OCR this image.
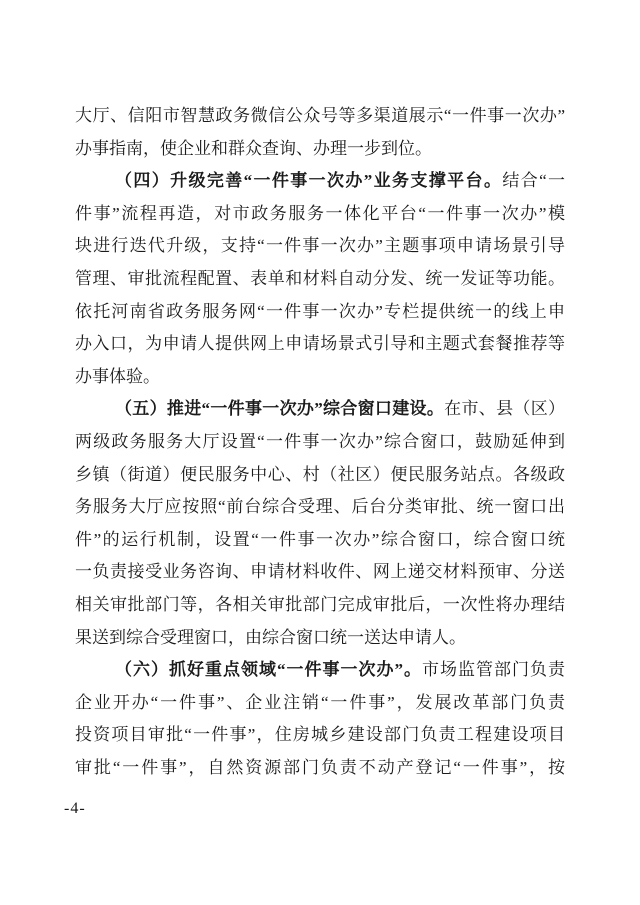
大厅、信阳市智慧政务微信公众号等多渠道展示“一件事一次办”
办事指南，使企业和群众查询、办理一步到位。
（四）升级完善“一件事一次办”业务支撑平台。结合“一
件事”流程再造，对市政务服务一体化平台“一件事一次办”模
块进行迭代升级，支持“一件事一次办”主题事项申请场景引导
管理、审批流程配置、表单和材料自动分发、统一发证等功能。
依托河南省政务服务网“一件事一次办”专栏提供统一的线上申
办入口，为申请人提供网上申请场景式引导和主题式套餐推荐等
办事体验。
（五）推进“一件事一次办”综合窗口建设。在市、县（区）
两级政务服务大厅设置“一件事一次办”综合窗口，鼓励延伸到
乡镇（街道）便民服务中心、村（社区）便民服务站点。各级政
务服务大厅应按照“前台综合受理、后台分类审批、统一窗口出
件”的运行机制，设置“一件事一次办”综合窗口，综合窗口统
一负责接受业务咨询、申请材料收件、网上递交材料预审、分送
相关审批部门等，各相关审批部门完成审批后，一次性将办理结
果送到综合受理窗口，由综合窗口统一送达申请人。
（六）抓好重点领域“一件事一次办”。市场监管部门负责
企业开办“一件事”、企业注销“一件事”，发展改革部门负责
投资项目审批“一件事”，住房城乡建设部门负责工程建设项目
审批“一件事”，自然资源部门负责不动产登记“一件事”，按
-4-
